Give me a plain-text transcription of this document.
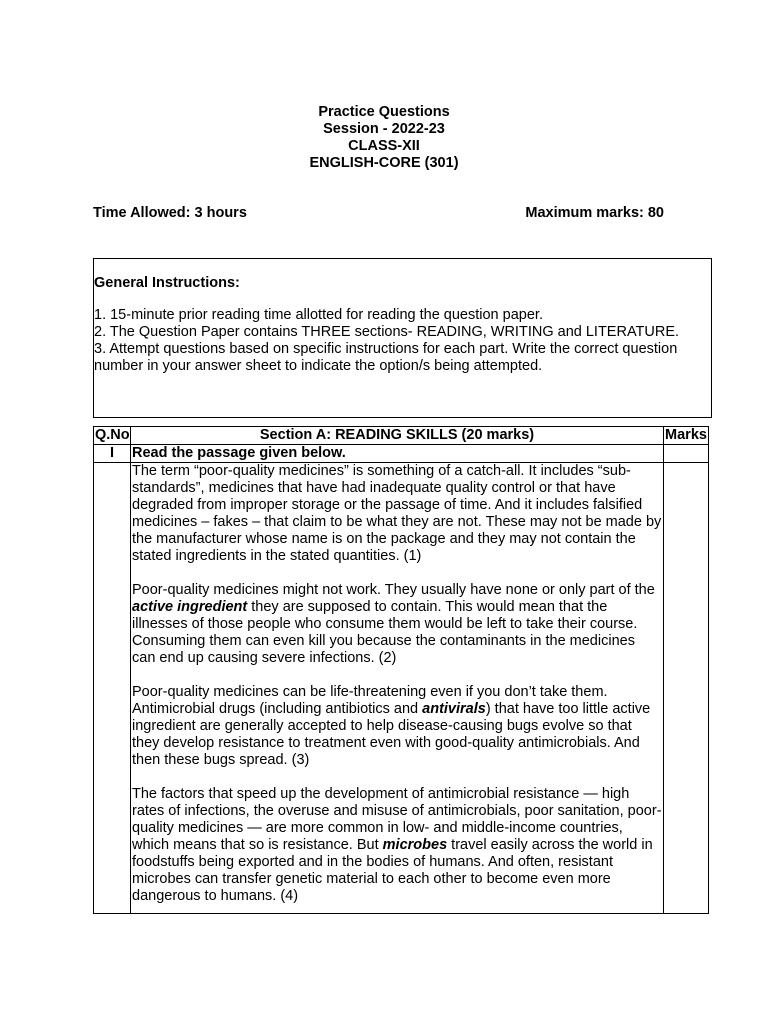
Practice Questions
Session - 2022-23
CLASS-XII
ENGLISH-CORE (301)
Time Allowed: 3 hours	Maximum marks: 80
General Instructions:

1. 15-minute prior reading time allotted for reading the question paper.

2. The Question Paper contains THREE sections- READING, WRITING and LITERATURE.

3. Attempt questions based on specific instructions for each part. Write the correct question number in your answer sheet to indicate the option/s being attempted.

Q.No	Section A: READING SKILLS (20 marks)	Marks
I	Read the passage given below.	

	The term “poor-quality medicines” is something of a catch-all. It includes “sub-standards”, medicines that have had inadequate quality control or that have degraded from improper storage or the passage of time. And it includes falsified medicines – fakes – that claim to be what they are not. These may not be made by the manufacturer whose name is on the package and they may not contain the stated ingredients in the stated quantities. (1)

Poor-quality medicines might not work. They usually have none or only part of the active ingredient they are supposed to contain. This would mean that the illnesses of those people who consume them would be left to take their course. Consuming them can even kill you because the contaminants in the medicines can end up causing severe infections. (2)

Poor-quality medicines can be life-threatening even if you don’t take them. Antimicrobial drugs (including antibiotics and antivirals) that have too little active ingredient are generally accepted to help disease-causing bugs evolve so that they develop resistance to treatment even with good-quality antimicrobials. And then these bugs spread. (3)

The factors that speed up the development of antimicrobial resistance — high rates of infections, the overuse and misuse of antimicrobials, poor sanitation, poor-quality medicines — are more common in low- and middle-income countries, which means that so is resistance. But microbes travel easily across the world in foodstuffs being exported and in the bodies of humans. And often, resistant microbes can transfer genetic material to each other to become even more dangerous to humans. (4)	
